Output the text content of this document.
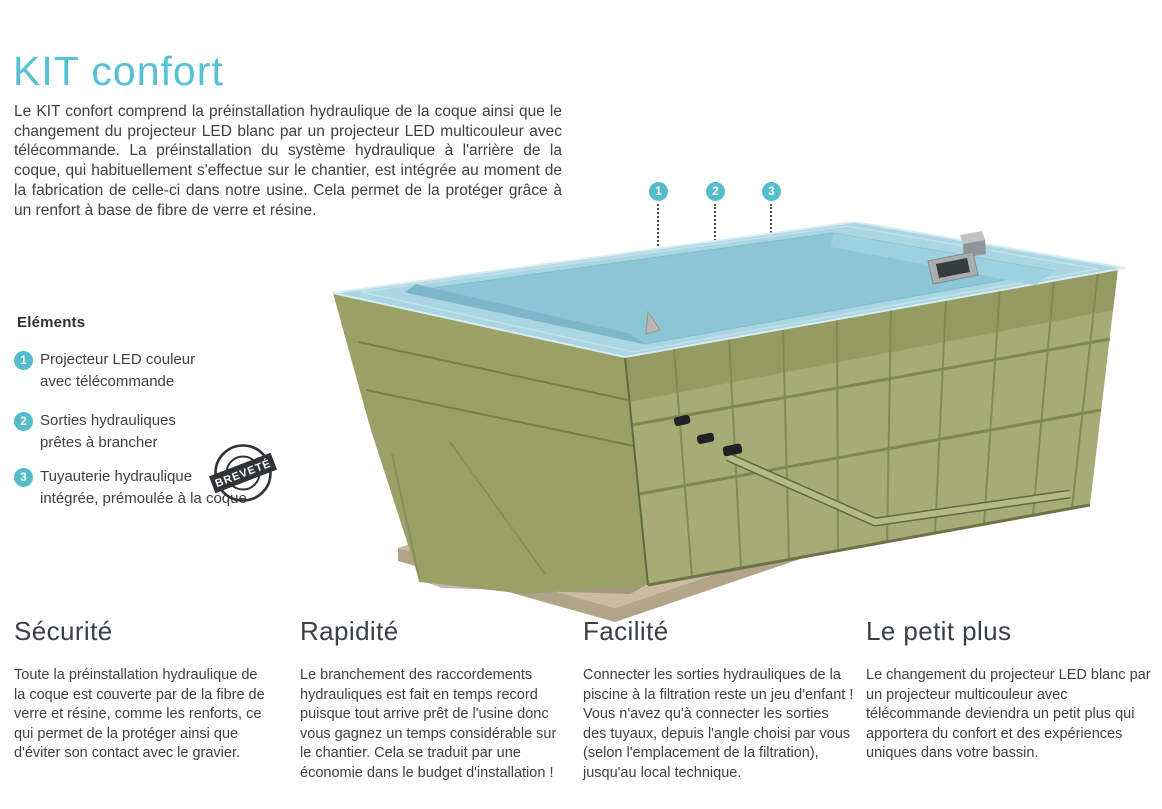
KIT confort

Le KIT confort comprend la préinstallation hydraulique de la coque ainsi que le changement du projecteur LED blanc par un projecteur LED multicouleur avec télécommande. La préinstallation du système hydraulique à l'arrière de la coque, qui habituellement s'effectue sur le chantier, est intégrée au moment de la fabrication de celle-ci dans notre usine. Cela permet de la protéger grâce à un renfort à base de fibre de verre et résine.

Eléments
1 Projecteur LED couleur
avec télécommande
2 Sorties hydrauliques
prêtes à brancher
3 Tuyauterie hydraulique
intégrée, prémoulée à la coque
BREVETÉ
1	2	3
Sécurité

Toute la préinstallation hydraulique de la coque est couverte par de la fibre de verre et résine, comme les renforts, ce qui permet de la protéger ainsi que d'éviter son contact avec le gravier.

Rapidité

Le branchement des raccordements hydrauliques est fait en temps record puisque tout arrive prêt de l'usine donc vous gagnez un temps considérable sur le chantier. Cela se traduit par une économie dans le budget d'installation !

Facilité

Connecter les sorties hydrauliques de la piscine à la filtration reste un jeu d'enfant ! Vous n'avez qu'à connecter les sorties des tuyaux, depuis l'angle choisi par vous (selon l'emplacement de la filtration), jusqu'au local technique.

Le petit plus

Le changement du projecteur LED blanc par un projecteur multicouleur avec télécommande deviendra un petit plus qui apportera du confort et des expériences uniques dans votre bassin.
